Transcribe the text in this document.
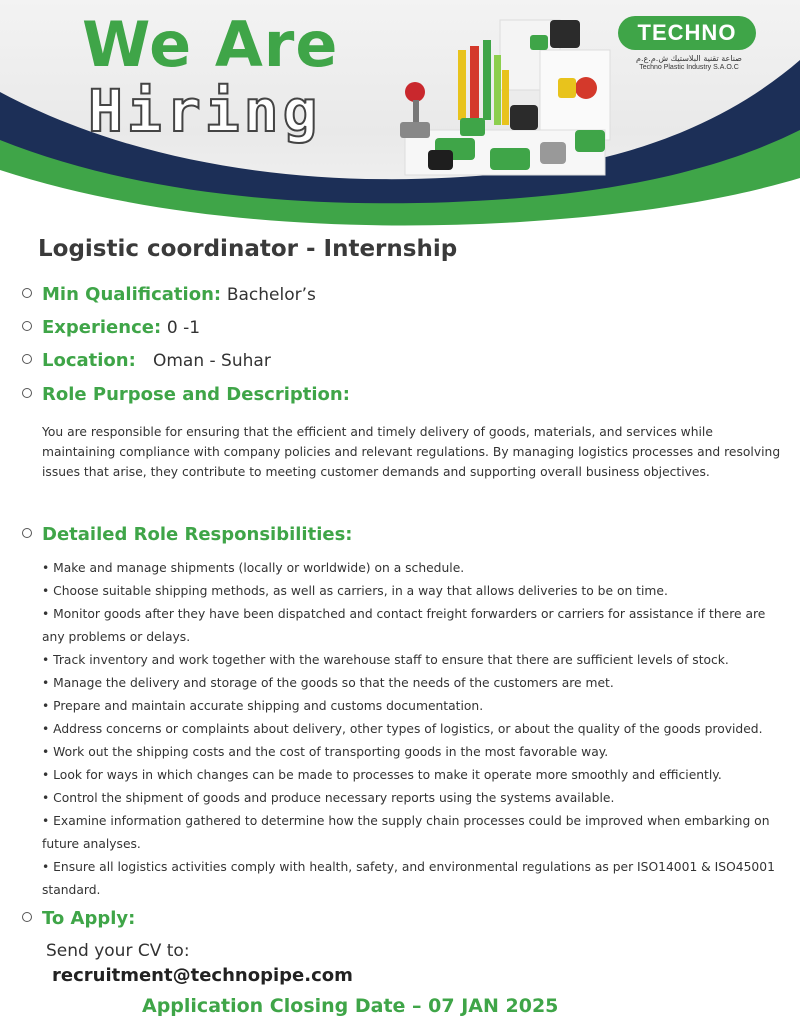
We Are
Hiring
TECHNO
صناعة تقنية البلاستيك ش.م.ع.م
Techno Plastic Industry S.A.O.C
Logistic coordinator - Internship
Min Qualification: Bachelor’s
Experience: 0 -1
Location: Oman - Suhar
Role Purpose and Description:
You are responsible for ensuring that the efficient and timely delivery of goods, materials, and services while maintaining compliance with company policies and relevant regulations. By managing logistics processes and resolving issues that arise, they contribute to meeting customer demands and supporting overall business objectives.
Detailed Role Responsibilities:
• Make and manage shipments (locally or worldwide) on a schedule.
• Choose suitable shipping methods, as well as carriers, in a way that allows deliveries to be on time.
• Monitor goods after they have been dispatched and contact freight forwarders or carriers for assistance if there are any problems or delays.
• Track inventory and work together with the warehouse staff to ensure that there are sufficient levels of stock.
• Manage the delivery and storage of the goods so that the needs of the customers are met.
• Prepare and maintain accurate shipping and customs documentation.
• Address concerns or complaints about delivery, other types of logistics, or about the quality of the goods provided.
• Work out the shipping costs and the cost of transporting goods in the most favorable way.
• Look for ways in which changes can be made to processes to make it operate more smoothly and efficiently.
• Control the shipment of goods and produce necessary reports using the systems available.
• Examine information gathered to determine how the supply chain processes could be improved when embarking on future analyses.
• Ensure all logistics activities comply with health, safety, and environmental regulations as per ISO14001 & ISO45001 standard.
To Apply:
Send your CV to:
recruitment@technopipe.com
Application Closing Date – 07 JAN 2025
